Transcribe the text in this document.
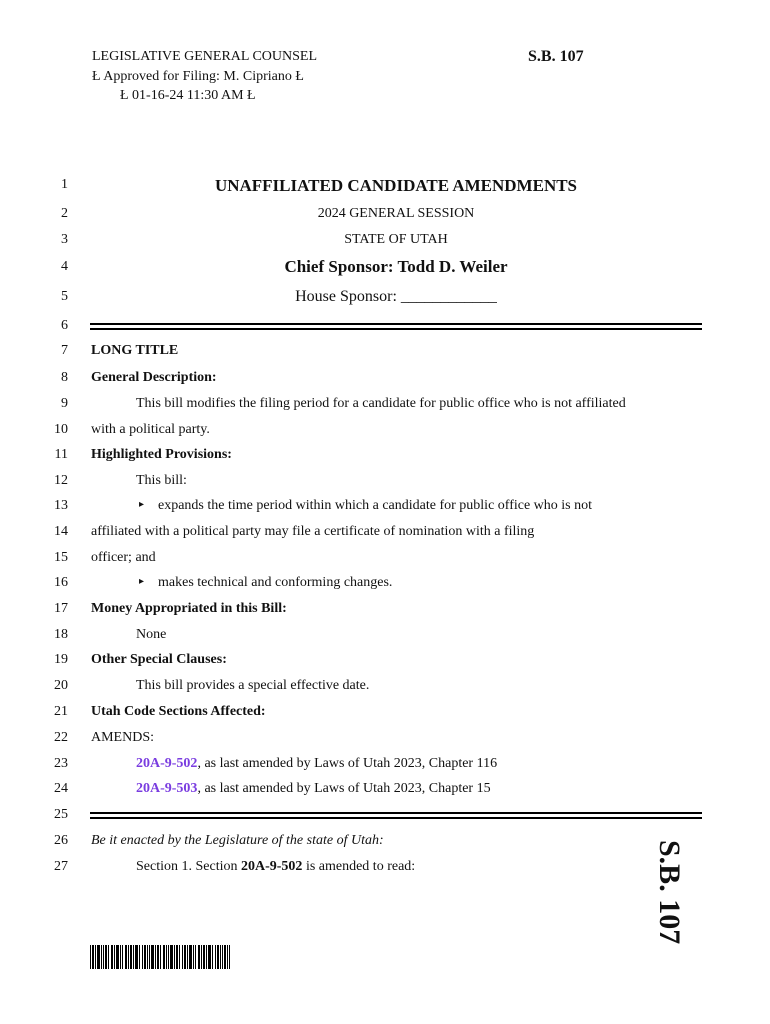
LEGISLATIVE GENERAL COUNSEL
Ł Approved for Filing: M. Cipriano Ł
Ł 01-16-24 11:30 AM Ł
S.B. 107
1
2
3
4
5
6
7
8
9
10
11
12
13
14
15
16
17
18
19
20
21
22
23
24
25
26
27
UNAFFILIATED CANDIDATE AMENDMENTS
2024 GENERAL SESSION
STATE OF UTAH
Chief Sponsor: Todd D. Weiler
House Sponsor: ____________
LONG TITLE
General Description:
This bill modifies the filing period for a candidate for public office who is not affiliated
with a political party.
Highlighted Provisions:
This bill:
▸ expands the time period within which a candidate for public office who is not
affiliated with a political party may file a certificate of nomination with a filing
officer; and
▸ makes technical and conforming changes.
Money Appropriated in this Bill:
None
Other Special Clauses:
This bill provides a special effective date.
Utah Code Sections Affected:
AMENDS:
20A-9-502, as last amended by Laws of Utah 2023, Chapter 116
20A-9-503, as last amended by Laws of Utah 2023, Chapter 15
Be it enacted by the Legislature of the state of Utah:
Section 1. Section 20A-9-502 is amended to read:	S.B. 107
